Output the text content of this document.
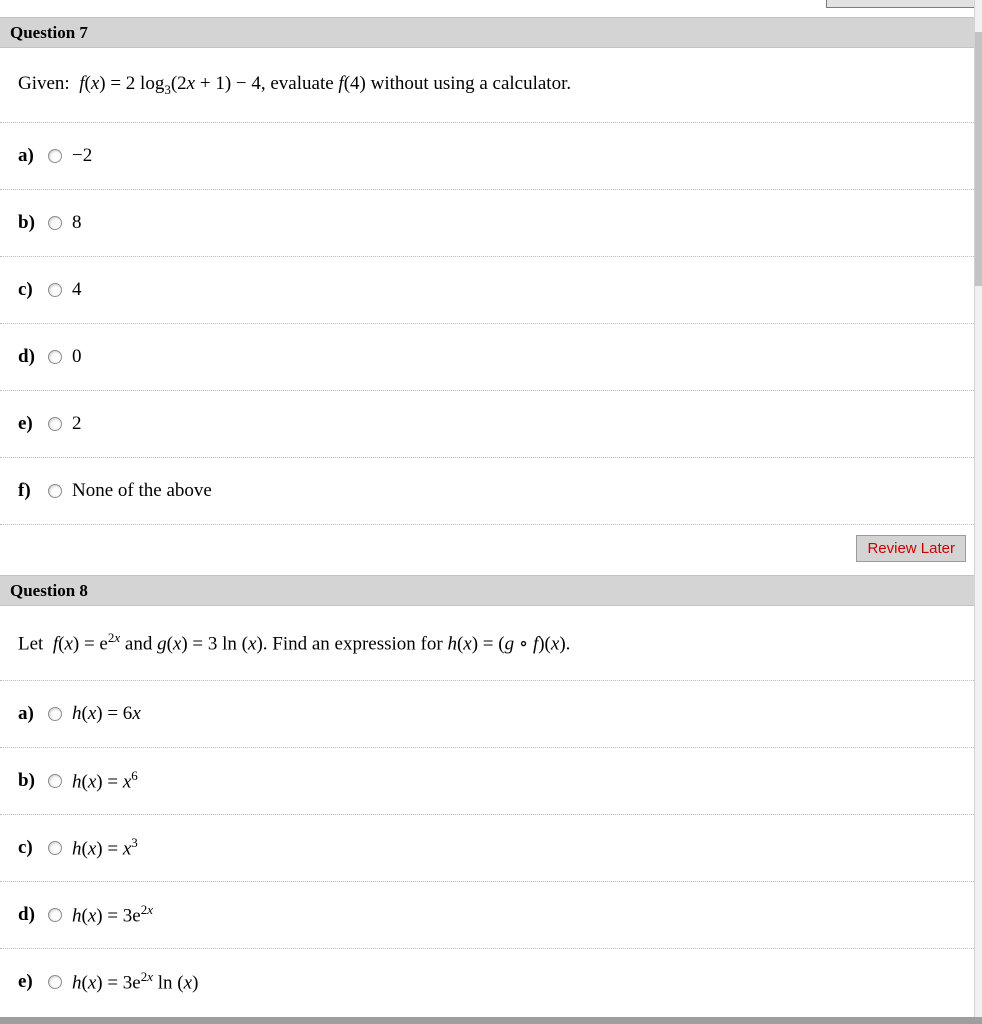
Question 7
Given:  f(x) = 2 $\log_3(2x + 1) - 4$, evaluate f(4) without using a calculator.
a)	−2
b)	8
c)	4
d)	0
e)	2
f)	None of the above
Review Later
Question 8
Let  $f(x) = e^{2x}$ and g(x) = 3 ln (x). Find an expression for h(x) = (g ∘ f)(x).
a)	h(x) = 6x
b)	$h(x) = x^6$
c)	$h(x) = x^3$
d)	$h(x) = 3e^{2x}$
e)	$h(x) = 3e^{2x}$ ln (x)
